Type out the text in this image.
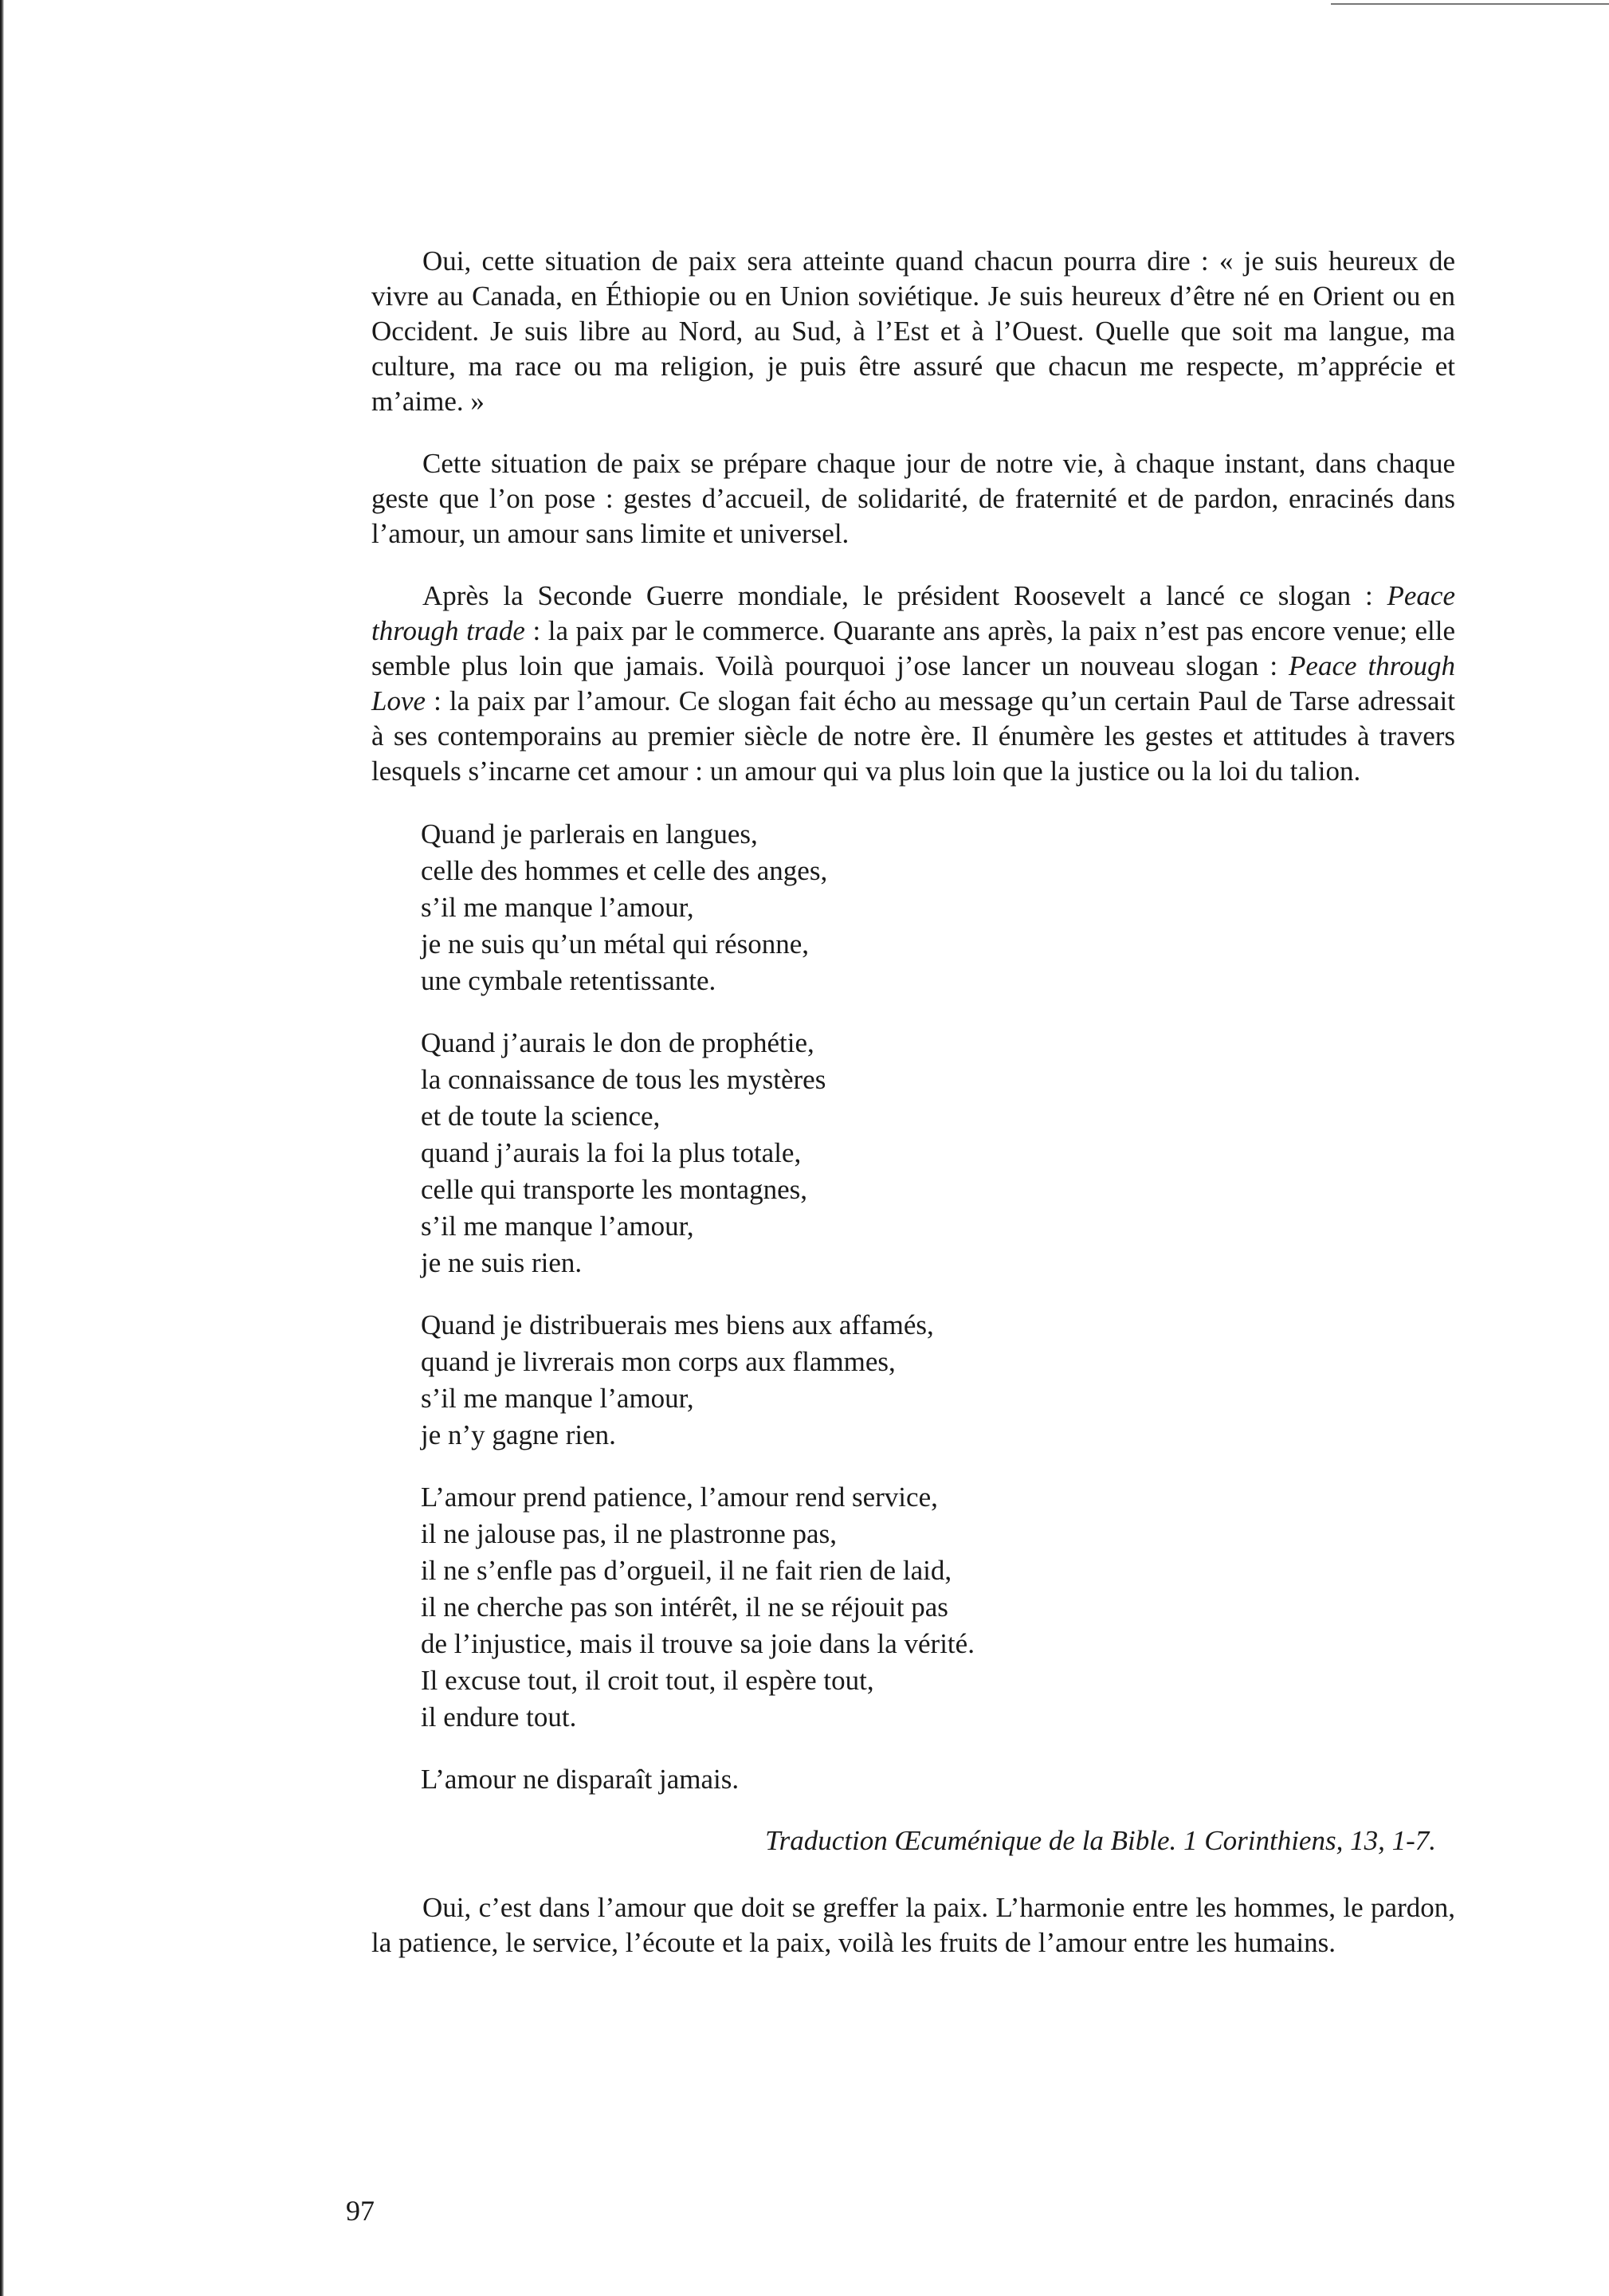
Oui, cette situation de paix sera atteinte quand chacun pourra dire : « je suis heureux de vivre au Canada, en Éthiopie ou en Union soviétique. Je suis heureux d’être né en Orient ou en Occident. Je suis libre au Nord, au Sud, à l’Est et à l’Ouest. Quelle que soit ma langue, ma culture, ma race ou ma religion, je puis être assuré que chacun me respecte, m’apprécie et m’aime. »

Cette situation de paix se prépare chaque jour de notre vie, à chaque instant, dans chaque geste que l’on pose : gestes d’accueil, de solidarité, de fraternité et de pardon, enracinés dans l’amour, un amour sans limite et universel.

Après la Seconde Guerre mondiale, le président Roosevelt a lancé ce slogan : Peace through trade : la paix par le commerce. Quarante ans après, la paix n’est pas encore venue; elle semble plus loin que jamais. Voilà pourquoi j’ose lancer un nouveau slogan : Peace through Love : la paix par l’amour. Ce slogan fait écho au message qu’un certain Paul de Tarse adressait à ses contemporains au premier siècle de notre ère. Il énumère les gestes et attitudes à travers lesquels s’incarne cet amour : un amour qui va plus loin que la justice ou la loi du talion.

Quand je parlerais en langues,
celle des hommes et celle des anges,
s’il me manque l’amour,
je ne suis qu’un métal qui résonne,
une cymbale retentissante.
Quand j’aurais le don de prophétie,
la connaissance de tous les mystères
et de toute la science,
quand j’aurais la foi la plus totale,
celle qui transporte les montagnes,
s’il me manque l’amour,
je ne suis rien.
Quand je distribuerais mes biens aux affamés,
quand je livrerais mon corps aux flammes,
s’il me manque l’amour,
je n’y gagne rien.
L’amour prend patience, l’amour rend service,
il ne jalouse pas, il ne plastronne pas,
il ne s’enfle pas d’orgueil, il ne fait rien de laid,
il ne cherche pas son intérêt, il ne se réjouit pas
de l’injustice, mais il trouve sa joie dans la vérité.
Il excuse tout, il croit tout, il espère tout,
il endure tout.
L’amour ne disparaît jamais.

Traduction Œcuménique de la Bible. 1 Corinthiens, 13, 1-7.

Oui, c’est dans l’amour que doit se greffer la paix. L’harmonie entre les hommes, le pardon, la patience, le service, l’écoute et la paix, voilà les fruits de l’amour entre les humains.

97
